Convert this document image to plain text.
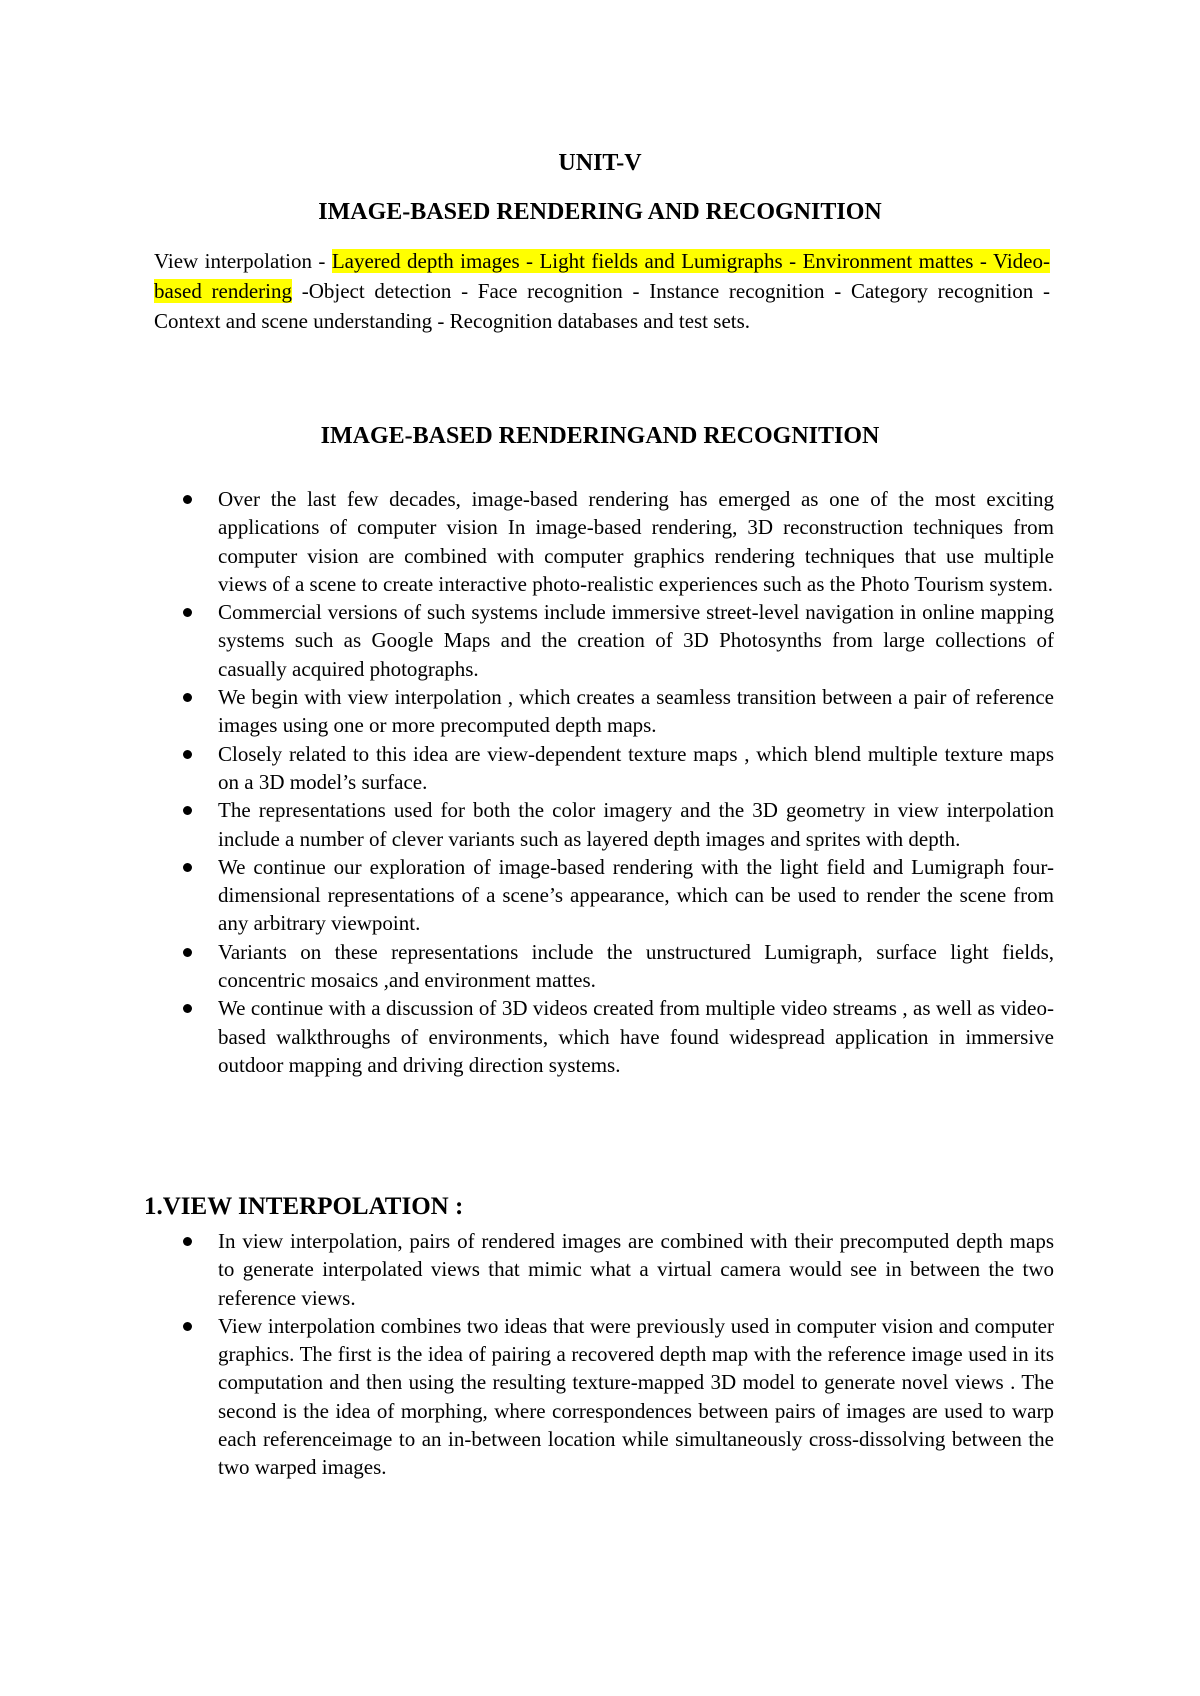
UNIT-V
IMAGE-BASED RENDERING AND RECOGNITION
View interpolation - Layered depth images - Light fields and Lumigraphs - Environment mattes - Video-based rendering -Object detection - Face recognition - Instance recognition - Category recognition - Context and scene understanding - Recognition databases and test sets.
IMAGE-BASED RENDERINGAND RECOGNITION
Over the last few decades, image-based rendering has emerged as one of the most exciting applications of computer vision In image-based rendering, 3D reconstruction techniques from computer vision are combined with computer graphics rendering techniques that use multiple views of a scene to create interactive photo-realistic experiences such as the Photo Tourism system.
Commercial versions of such systems include immersive street-level navigation in online mapping systems such as Google Maps and the creation of 3D Photosynths from large collections of casually acquired photographs.
We begin with view interpolation , which creates a seamless transition between a pair of reference images using one or more precomputed depth maps.
Closely related to this idea are view-dependent texture maps , which blend multiple texture maps on a 3D model’s surface.
The representations used for both the color imagery and the 3D geometry in view interpolation include a number of clever variants such as layered depth images and sprites with depth.
We continue our exploration of image-based rendering with the light field and Lumigraph four-dimensional representations of a scene’s appearance, which can be used to render the scene from any arbitrary viewpoint.
Variants on these representations include the unstructured Lumigraph, surface light fields, concentric mosaics ,and environment mattes.
We continue with a discussion of 3D videos created from multiple video streams , as well as video-based walkthroughs of environments, which have found widespread application in immersive outdoor mapping and driving direction systems.
1.VIEW INTERPOLATION :
In view interpolation, pairs of rendered images are combined with their precomputed depth maps to generate interpolated views that mimic what a virtual camera would see in between the two reference views.
View interpolation combines two ideas that were previously used in computer vision and computer graphics. The first is the idea of pairing a recovered depth map with the reference image used in its computation and then using the resulting texture-mapped 3D model to generate novel views . The second is the idea of morphing, where correspondences between pairs of images are used to warp each referenceimage to an in-between location while simultaneously cross-dissolving between the two warped images.
